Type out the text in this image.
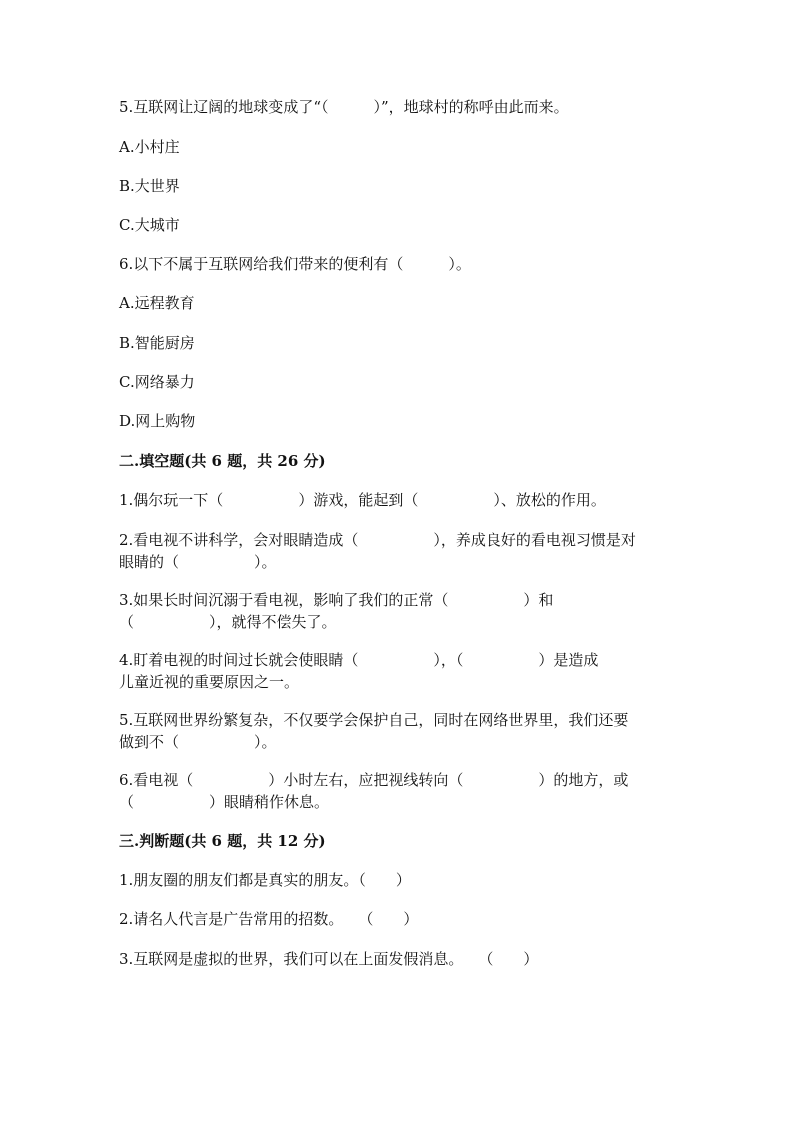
5.互联网让辽阔的地球变成了“（　　　）”，地球村的称呼由此而来。
A.小村庄
B.大世界
C.大城市
6.以下不属于互联网给我们带来的便利有（　　　）。
A.远程教育
B.智能厨房
C.网络暴力
D.网上购物
二.填空题(共 6 题，共 26 分)
1.偶尔玩一下（　　　　　）游戏，能起到（　　　　　）、放松的作用。
2.看电视不讲科学，会对眼睛造成（　　　　　），养成良好的看电视习惯是对
眼睛的（　　　　　）。
3.如果长时间沉溺于看电视，影响了我们的正常（　　　　　）和
（　　　　　），就得不偿失了。
4.盯着电视的时间过长就会使眼睛（　　　　　），（　　　　　）是造成
儿童近视的重要原因之一。
5.互联网世界纷繁复杂，不仅要学会保护自己，同时在网络世界里，我们还要
做到不（　　　　　）。
6.看电视（　　　　　）小时左右，应把视线转向（　　　　　）的地方，或
（　　　　　）眼睛稍作休息。
三.判断题(共 6 题，共 12 分)
1.朋友圈的朋友们都是真实的朋友。（　　）
2.请名人代言是广告常用的招数。　　（　　）
3.互联网是虚拟的世界，我们可以在上面发假消息。　　（　　）
